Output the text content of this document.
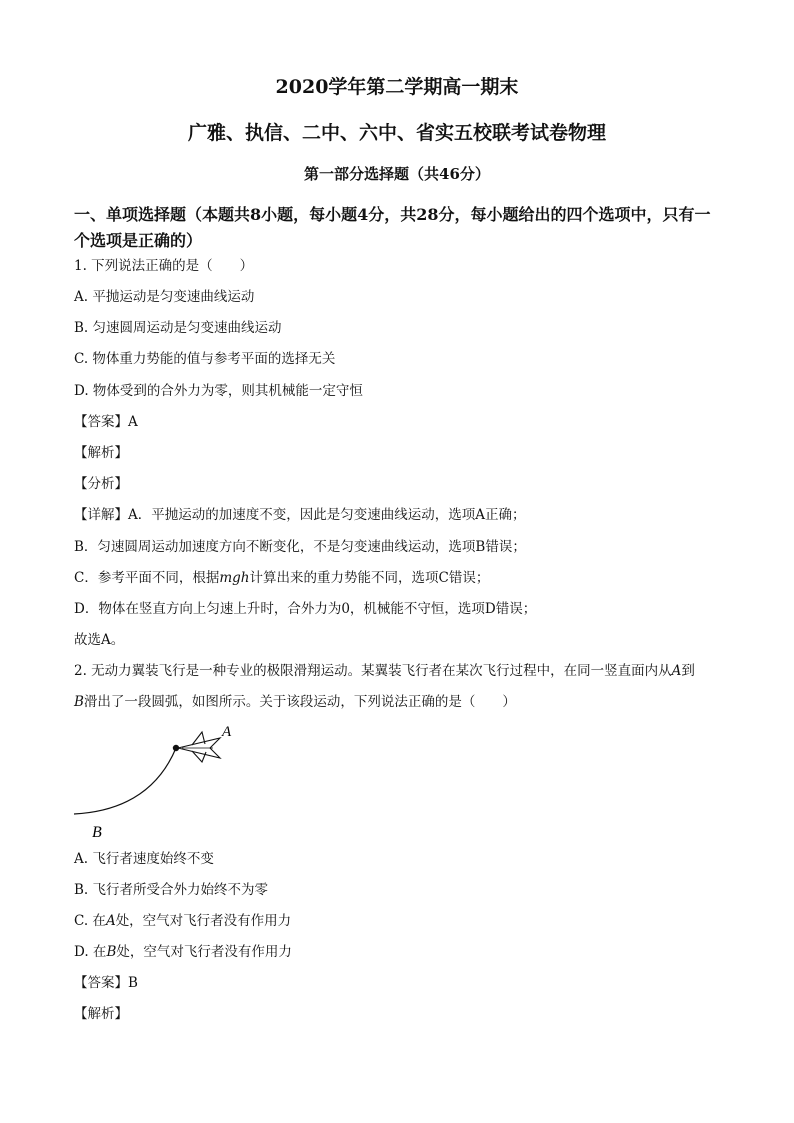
2020学年第二学期高一期末
广雅、执信、二中、六中、省实五校联考试卷物理
第一部分选择题（共46分）

一、单项选择题（本题共8小题，每小题4分，共28分，每小题给出的四个选项中，只有一个选项是正确的）

1. 下列说法正确的是（　　）

A. 平抛运动是匀变速曲线运动

B. 匀速圆周运动是匀变速曲线运动

C. 物体重力势能的值与参考平面的选择无关

D. 物体受到的合外力为零，则其机械能一定守恒

【答案】A

【解析】

【分析】

【详解】A．平抛运动的加速度不变，因此是匀变速曲线运动，选项A正确；

B．匀速圆周运动加速度方向不断变化，不是匀变速曲线运动，选项B错误；

C．参考平面不同，根据mgh计算出来的重力势能不同，选项C错误；

D．物体在竖直方向上匀速上升时，合外力为0，机械能不守恒，选项D错误；

故选A。

2. 无动力翼装飞行是一种专业的极限滑翔运动。某翼装飞行者在某次飞行过程中，在同一竖直面内从A到

B滑出了一段圆弧，如图所示。关于该段运动，下列说法正确的是（　　）

A
B

A. 飞行者速度始终不变

B. 飞行者所受合外力始终不为零

C. 在A处，空气对飞行者没有作用力

D. 在B处，空气对飞行者没有作用力

【答案】B

【解析】
